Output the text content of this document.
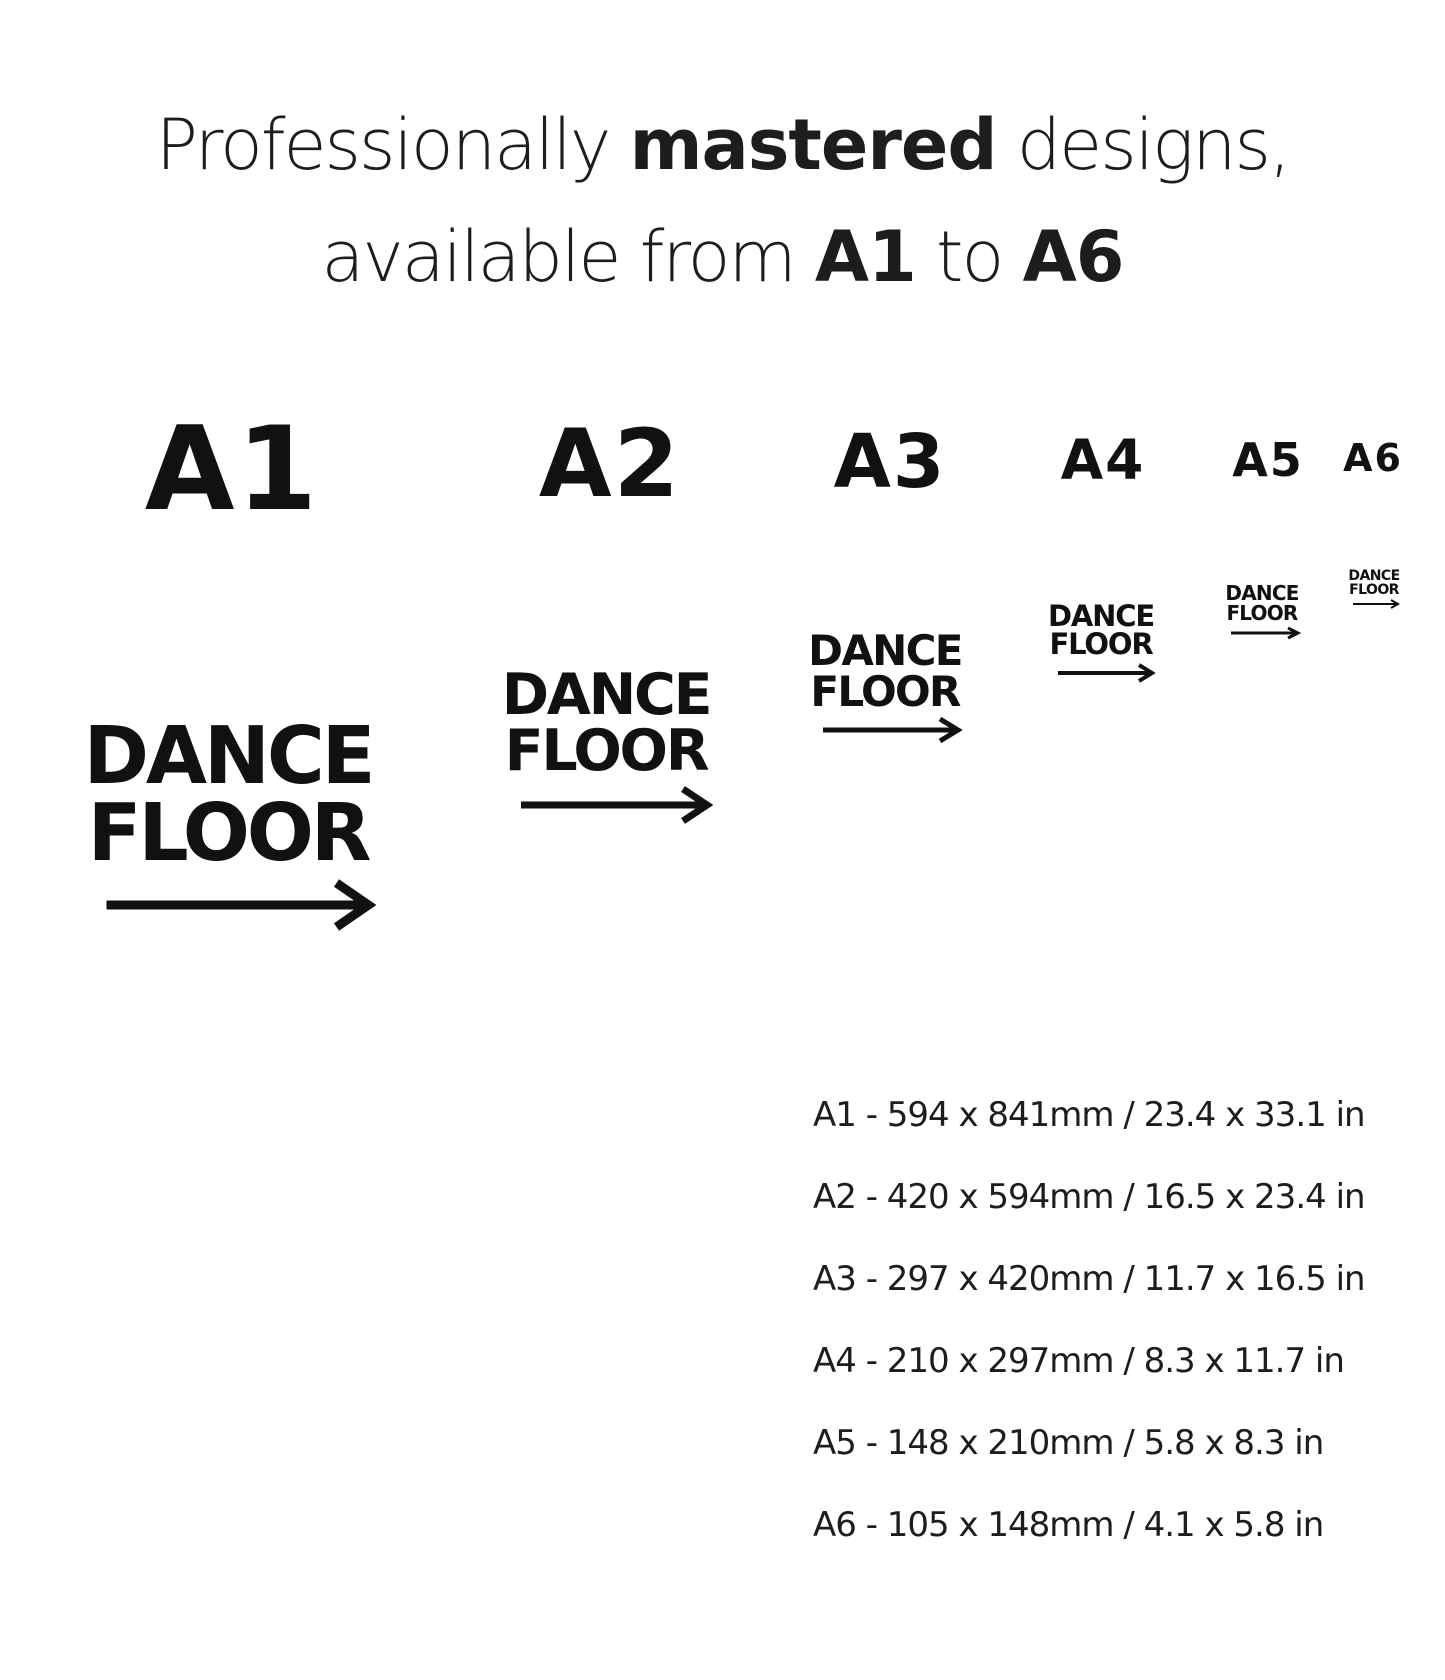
Professionally mastered designs,
available from A1 to A6
A1 A2 A3 A4 A5 A6
DANCE
FLOOR
DANCE
FLOOR
DANCE
FLOOR
DANCE
FLOOR
DANCE
FLOOR
DANCE
FLOOR
A1 - 594 x 841mm / 23.4 x 33.1 in
A2 - 420 x 594mm / 16.5 x 23.4 in
A3 - 297 x 420mm / 11.7 x 16.5 in
A4 - 210 x 297mm / 8.3 x 11.7 in
A5 - 148 x 210mm / 5.8 x 8.3 in
A6 - 105 x 148mm / 4.1 x 5.8 in
